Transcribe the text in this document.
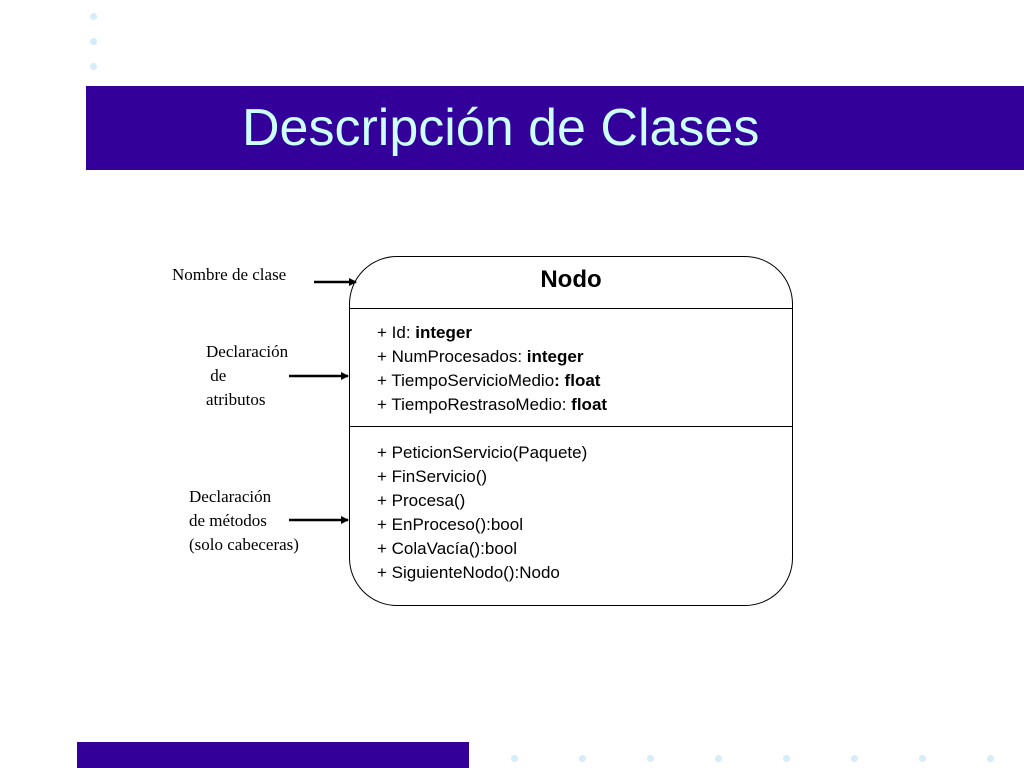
Descripción de Clases
Nombre de clase
Declaración
de
atributos
Declaración
de métodos
(solo cabeceras)
Nodo
+ Id: integer
+ NumProcesados: integer
+ TiempoServicioMedio: float
+ TiempoRestrasoMedio: float
+ PeticionServicio(Paquete)
+ FinServicio()
+ Procesa()
+ EnProceso():bool
+ ColaVacía():bool
+ SiguienteNodo():Nodo
